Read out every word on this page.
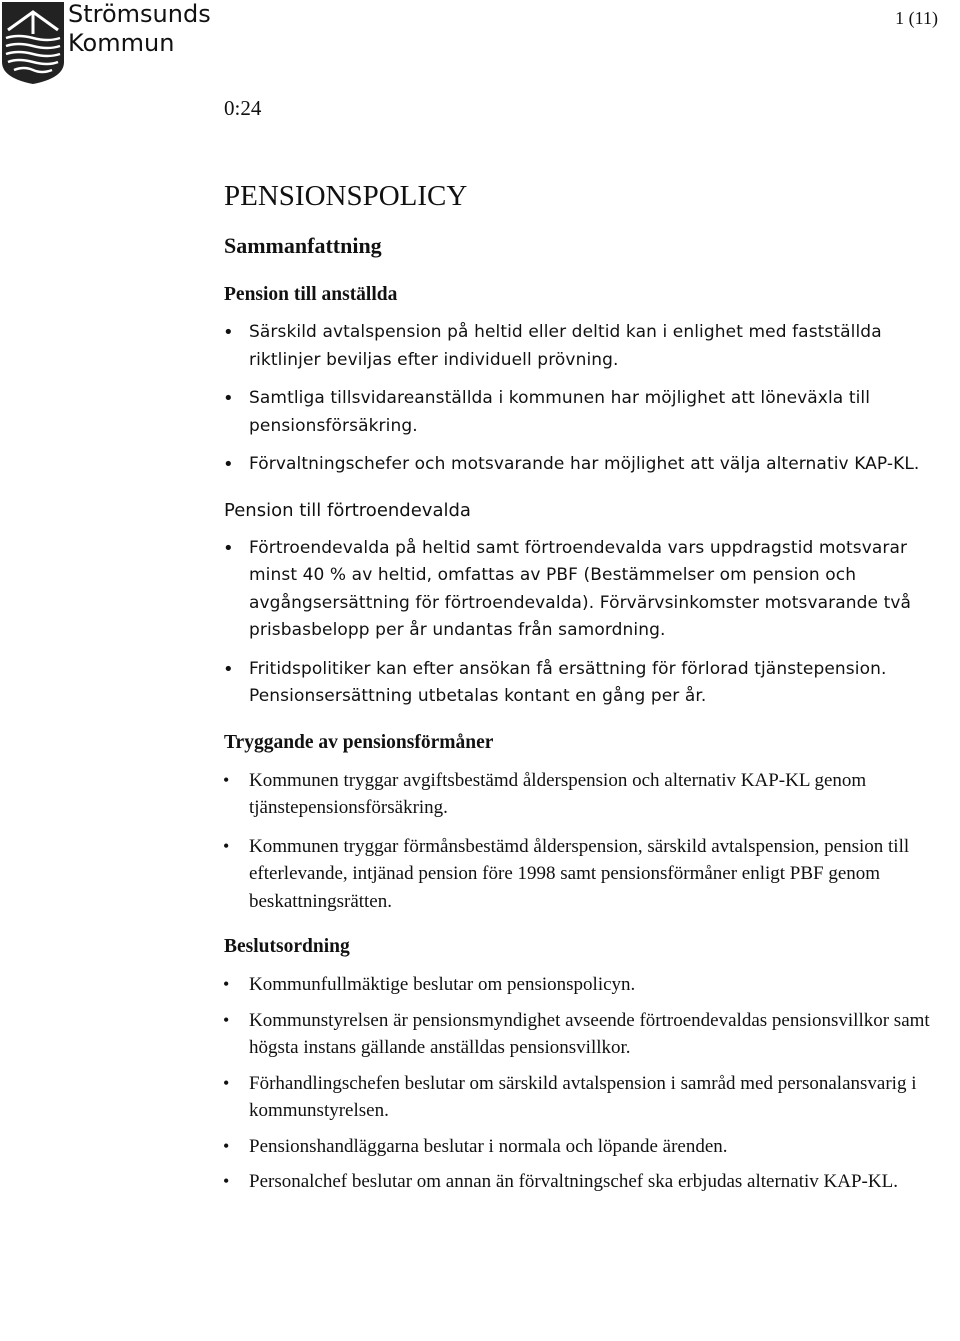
Strömsunds
Kommun
1 (11)
0:24
PENSIONSPOLICY
Sammanfattning
Pension till anställda
• Särskild avtalspension på heltid eller deltid kan i enlighet med fastställda riktlinjer beviljas efter individuell prövning.
• Samtliga tillsvidareanställda i kommunen har möjlighet att löneväxla till pensionsförsäkring.
• Förvaltningschefer och motsvarande har möjlighet att välja alternativ KAP-KL.
Pension till förtroendevalda
• Förtroendevalda på heltid samt förtroendevalda vars uppdragstid motsvarar minst 40 % av heltid, omfattas av PBF (Bestämmelser om pension och avgångsersättning för förtroendevalda). Förvärvsinkomster motsvarande två prisbasbelopp per år undantas från samordning.
• Fritidspolitiker kan efter ansökan få ersättning för förlorad tjänstepension. Pensionsersättning utbetalas kontant en gång per år.
Tryggande av pensionsförmåner
• Kommunen tryggar avgiftsbestämd ålderspension och alternativ KAP-KL genom tjänstepensionsförsäkring.
• Kommunen tryggar förmånsbestämd ålderspension, särskild avtalspension, pension till efterlevande, intjänad pension före 1998 samt pensionsförmåner enligt PBF genom beskattningsrätten.
Beslutsordning
• Kommunfullmäktige beslutar om pensionspolicyn.
• Kommunstyrelsen är pensionsmyndighet avseende förtroendevaldas pensionsvillkor samt högsta instans gällande anställdas pensionsvillkor.
• Förhandlingschefen beslutar om särskild avtalspension i samråd med personalansvarig i kommunstyrelsen.
• Pensionshandläggarna beslutar i normala och löpande ärenden.
• Personalchef beslutar om annan än förvaltningschef ska erbjudas alternativ KAP-KL.
